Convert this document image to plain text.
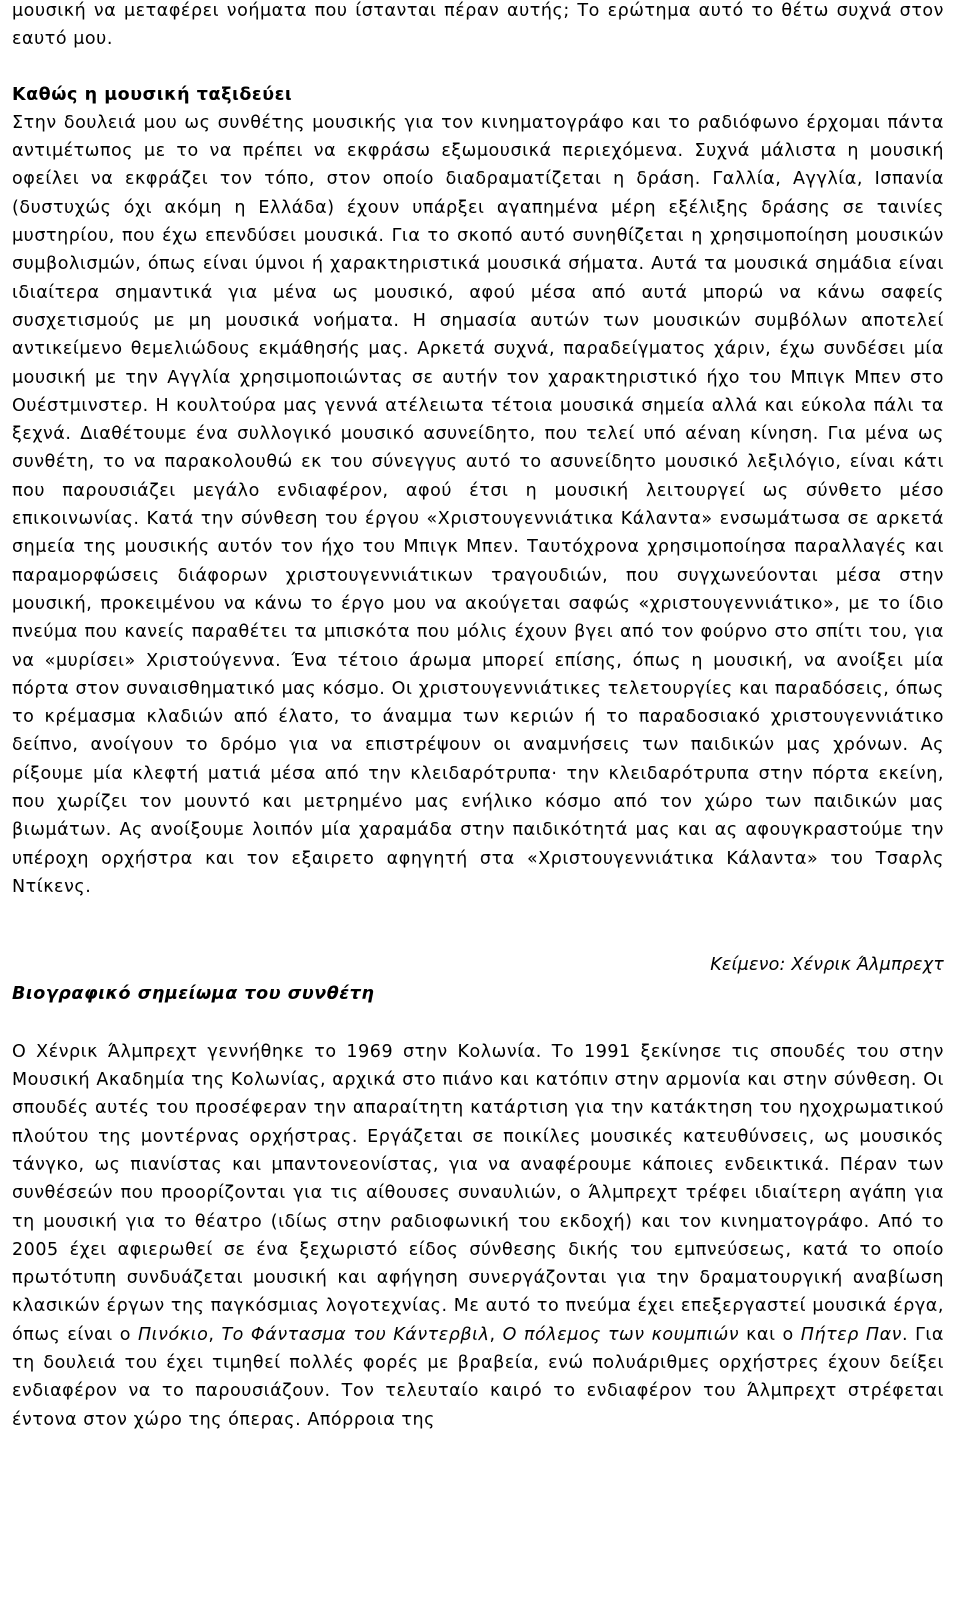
μουσική να μεταφέρει νοήματα που ίστανται πέραν αυτής; Το ερώτημα αυτό το θέτω συχνά στον εαυτό μου.

Καθώς η μουσική ταξιδεύει

Στην δουλειά μου ως συνθέτης μουσικής για τον κινηματογράφο και το ραδιόφωνο έρχομαι πάντα αντιμέτωπος με το να πρέπει να εκφράσω εξωμουσικά περιεχόμενα. Συχνά μάλιστα η μουσική οφείλει να εκφράζει τον τόπο, στον οποίο διαδραματίζεται η δράση. Γαλλία, Αγγλία, Ισπανία (δυστυχώς όχι ακόμη η Ελλάδα) έχουν υπάρξει αγαπημένα μέρη εξέλιξης δράσης σε ταινίες μυστηρίου, που έχω επενδύσει μουσικά. Για το σκοπό αυτό συνηθίζεται η χρησιμοποίηση μουσικών συμβολισμών, όπως είναι ύμνοι ή χαρακτηριστικά μουσικά σήματα. Αυτά τα μουσικά σημάδια είναι ιδιαίτερα σημαντικά για μένα ως μουσικό, αφού μέσα από αυτά μπορώ να κάνω σαφείς συσχετισμούς με μη μουσικά νοήματα. Η σημασία αυτών των μουσικών συμβόλων αποτελεί αντικείμενο θεμελιώδους εκμάθησής μας. Αρκετά συχνά, παραδείγματος χάριν, έχω συνδέσει μία μουσική με την Αγγλία χρησιμοποιώντας σε αυτήν τον χαρακτηριστικό ήχο του Μπιγκ Μπεν στο Ουέστμινστερ. Η κουλτούρα μας γεννά ατέλειωτα τέτοια μουσικά σημεία αλλά και εύκολα πάλι τα ξεχνά. Διαθέτουμε ένα συλλογικό μουσικό ασυνείδητο, που τελεί υπό αέναη κίνηση. Για μένα ως συνθέτη, το να παρακολουθώ εκ του σύνεγγυς αυτό το ασυνείδητο μουσικό λεξιλόγιο, είναι κάτι που παρουσιάζει μεγάλο ενδιαφέρον, αφού έτσι η μουσική λειτουργεί ως σύνθετο μέσο επικοινωνίας. Κατά την σύνθεση του έργου «Χριστουγεννιάτικα Κάλαντα» ενσωμάτωσα σε αρκετά σημεία της μουσικής αυτόν τον ήχο του Μπιγκ Μπεν. Ταυτόχρονα χρησιμοποίησα παραλλαγές και παραμορφώσεις διάφορων χριστουγεννιάτικων τραγουδιών, που συγχωνεύονται μέσα στην μουσική, προκειμένου να κάνω το έργο μου να ακούγεται σαφώς «χριστουγεννιάτικο», με το ίδιο πνεύμα που κανείς παραθέτει τα μπισκότα που μόλις έχουν βγει από τον φούρνο στο σπίτι του, για να «μυρίσει» Χριστούγεννα. Ένα τέτοιο άρωμα μπορεί επίσης, όπως η μουσική, να ανοίξει μία πόρτα στον συναισθηματικό μας κόσμο. Οι χριστουγεννιάτικες τελετουργίες και παραδόσεις, όπως το κρέμασμα κλαδιών από έλατο, το άναμμα των κεριών ή το παραδοσιακό χριστουγεννιάτικο δείπνο, ανοίγουν το δρόμο για να επιστρέψουν οι αναμνήσεις των παιδικών μας χρόνων. Ας ρίξουμε μία κλεφτή ματιά μέσα από την κλειδαρότρυπα· την κλειδαρότρυπα στην πόρτα εκείνη, που χωρίζει τον μουντό και μετρημένο μας ενήλικο κόσμο από τον χώρο των παιδικών μας βιωμάτων. Ας ανοίξουμε λοιπόν μία χαραμάδα στην παιδικότητά μας και ας αφουγκραστούμε την υπέροχη ορχήστρα και τον εξαιρετο αφηγητή στα «Χριστουγεννιάτικα Κάλαντα» του Τσαρλς Ντίκενς.

Κείμενο: Χένρικ Άλμπρεχτ

Βιογραφικό σημείωμα του συνθέτη

Ο Χένρικ Άλμπρεχτ γεννήθηκε το 1969 στην Κολωνία. Το 1991 ξεκίνησε τις σπουδές του στην Μουσική Ακαδημία της Κολωνίας, αρχικά στο πιάνο και κατόπιν στην αρμονία και στην σύνθεση. Οι σπουδές αυτές του προσέφεραν την απαραίτητη κατάρτιση για την κατάκτηση του ηχοχρωματικού πλούτου της μοντέρνας ορχήστρας. Εργάζεται σε ποικίλες μουσικές κατευθύνσεις, ως μουσικός τάνγκο, ως πιανίστας και μπαντονεονίστας, για να αναφέρουμε κάποιες ενδεικτικά. Πέραν των συνθέσεών που προορίζονται για τις αίθουσες συναυλιών, ο Άλμπρεχτ τρέφει ιδιαίτερη αγάπη για τη μουσική για το θέατρο (ιδίως στην ραδιοφωνική του εκδοχή) και τον κινηματογράφο. Από το 2005 έχει αφιερωθεί σε ένα ξεχωριστό είδος σύνθεσης δικής του εμπνεύσεως, κατά το οποίο πρωτότυπη συνδυάζεται μουσική και αφήγηση συνεργάζονται για την δραματουργική αναβίωση κλασικών έργων της παγκόσμιας λογοτεχνίας. Με αυτό το πνεύμα έχει επεξεργαστεί μουσικά έργα, όπως είναι ο Πινόκιο, Το Φάντασμα του Κάντερβιλ, Ο πόλεμος των κουμπιών και ο Πήτερ Παν. Για τη δουλειά του έχει τιμηθεί πολλές φορές με βραβεία, ενώ πολυάριθμες ορχήστρες έχουν δείξει ενδιαφέρον να το παρουσιάζουν. Τον τελευταίο καιρό το ενδιαφέρον του Άλμπρεχτ στρέφεται έντονα στον χώρο της όπερας. Απόρροια της
